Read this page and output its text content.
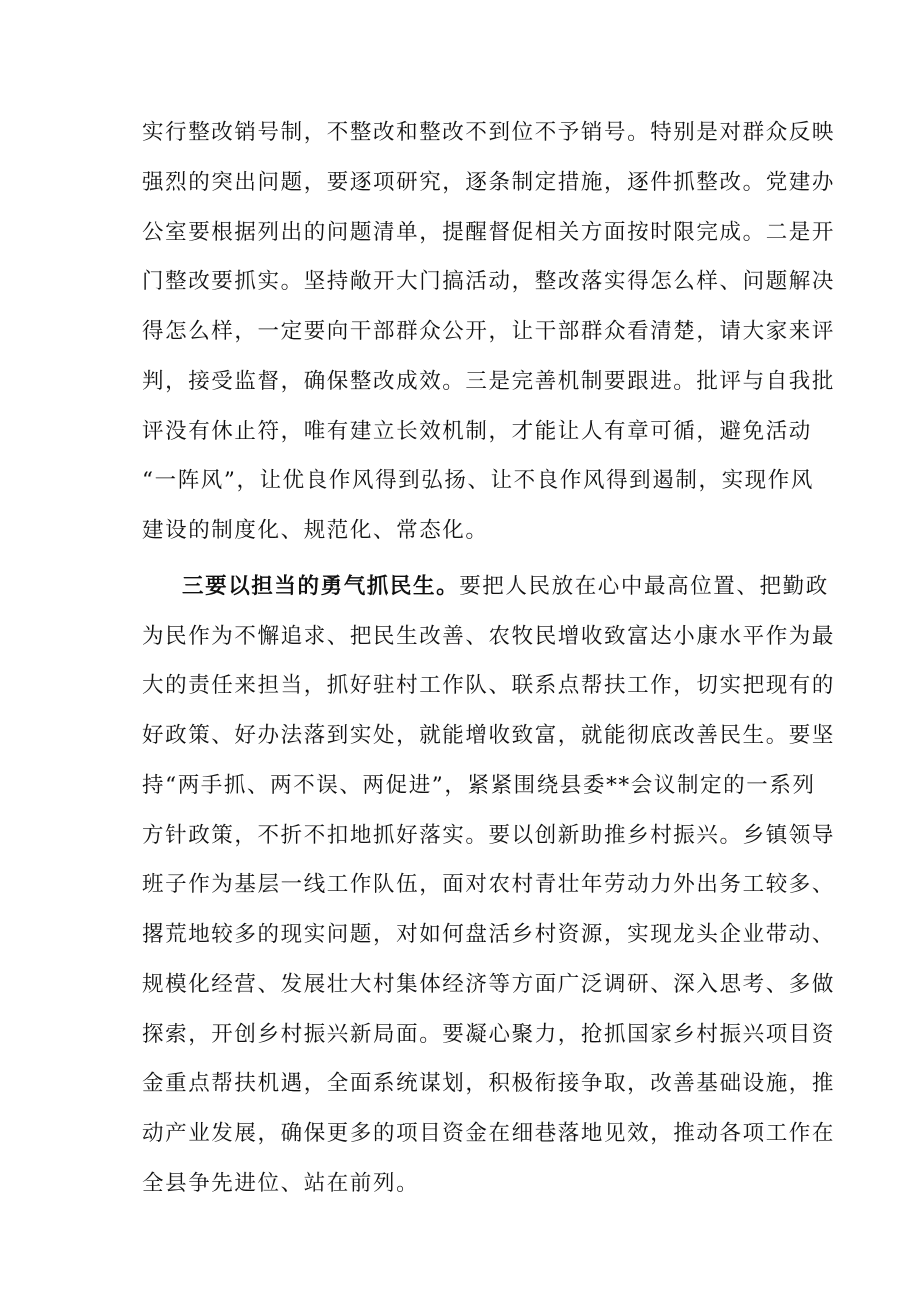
实行整改销号制，不整改和整改不到位不予销号。特别是对群众反映
强烈的突出问题，要逐项研究，逐条制定措施，逐件抓整改。党建办
公室要根据列出的问题清单，提醒督促相关方面按时限完成。二是开
门整改要抓实。坚持敞开大门搞活动，整改落实得怎么样、问题解决
得怎么样，一定要向干部群众公开，让干部群众看清楚，请大家来评
判，接受监督，确保整改成效。三是完善机制要跟进。批评与自我批
评没有休止符，唯有建立长效机制，才能让人有章可循，避免活动
“一阵风”，让优良作风得到弘扬、让不良作风得到遏制，实现作风
建设的制度化、规范化、常态化。
三要以担当的勇气抓民生。要把人民放在心中最高位置、把勤政
为民作为不懈追求、把民生改善、农牧民增收致富达小康水平作为最
大的责任来担当，抓好驻村工作队、联系点帮扶工作，切实把现有的
好政策、好办法落到实处，就能增收致富，就能彻底改善民生。要坚
持“两手抓、两不误、两促进”，紧紧围绕县委**会议制定的一系列
方针政策，不折不扣地抓好落实。要以创新助推乡村振兴。乡镇领导
班子作为基层一线工作队伍，面对农村青壮年劳动力外出务工较多、
撂荒地较多的现实问题，对如何盘活乡村资源，实现龙头企业带动、
规模化经营、发展壮大村集体经济等方面广泛调研、深入思考、多做
探索，开创乡村振兴新局面。要凝心聚力，抢抓国家乡村振兴项目资
金重点帮扶机遇，全面系统谋划，积极衔接争取，改善基础设施，推
动产业发展，确保更多的项目资金在细巷落地见效，推动各项工作在
全县争先进位、站在前列。
